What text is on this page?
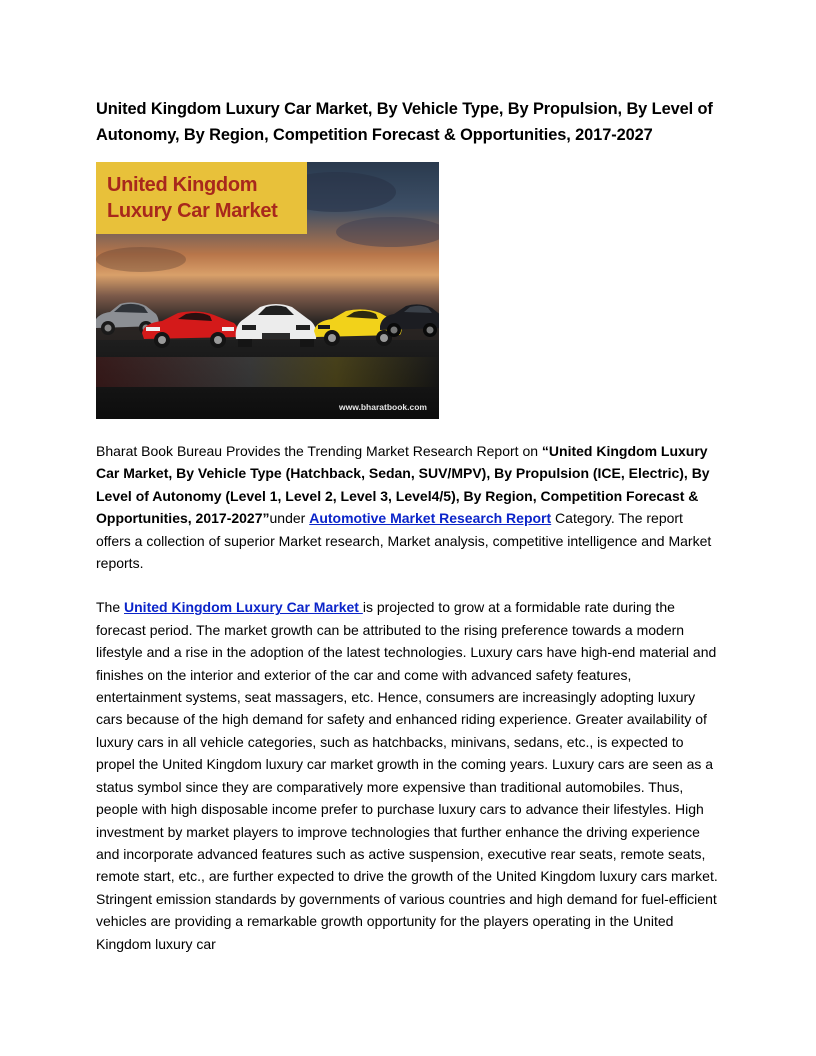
United Kingdom Luxury Car Market, By Vehicle Type, By Propulsion, By Level of Autonomy, By Region, Competition Forecast & Opportunities, 2017-2027
United Kingdom
Luxury Car Market
www.bharatbook.com

Bharat Book Bureau Provides the Trending Market Research Report on “United Kingdom Luxury Car Market, By Vehicle Type (Hatchback, Sedan, SUV/MPV), By Propulsion (ICE, Electric), By Level of Autonomy (Level 1, Level 2, Level 3, Level4/5), By Region, Competition Forecast & Opportunities, 2017-2027”under Automotive Market Research Report Category. The report offers a collection of superior Market research, Market analysis, competitive intelligence and Market reports.

The United Kingdom Luxury Car Market is projected to grow at a formidable rate during the forecast period. The market growth can be attributed to the rising preference towards a modern lifestyle and a rise in the adoption of the latest technologies. Luxury cars have high-end material and finishes on the interior and exterior of the car and come with advanced safety features, entertainment systems, seat massagers, etc. Hence, consumers are increasingly adopting luxury cars because of the high demand for safety and enhanced riding experience. Greater availability of luxury cars in all vehicle categories, such as hatchbacks, minivans, sedans, etc., is expected to propel the United Kingdom luxury car market growth in the coming years. Luxury cars are seen as a status symbol since they are comparatively more expensive than traditional automobiles. Thus, people with high disposable income prefer to purchase luxury cars to advance their lifestyles. High investment by market players to improve technologies that further enhance the driving experience and incorporate advanced features such as active suspension, executive rear seats, remote seats, remote start, etc., are further expected to drive the growth of the United Kingdom luxury cars market. Stringent emission standards by governments of various countries and high demand for fuel-efficient vehicles are providing a remarkable growth opportunity for the players operating in the United Kingdom luxury car
